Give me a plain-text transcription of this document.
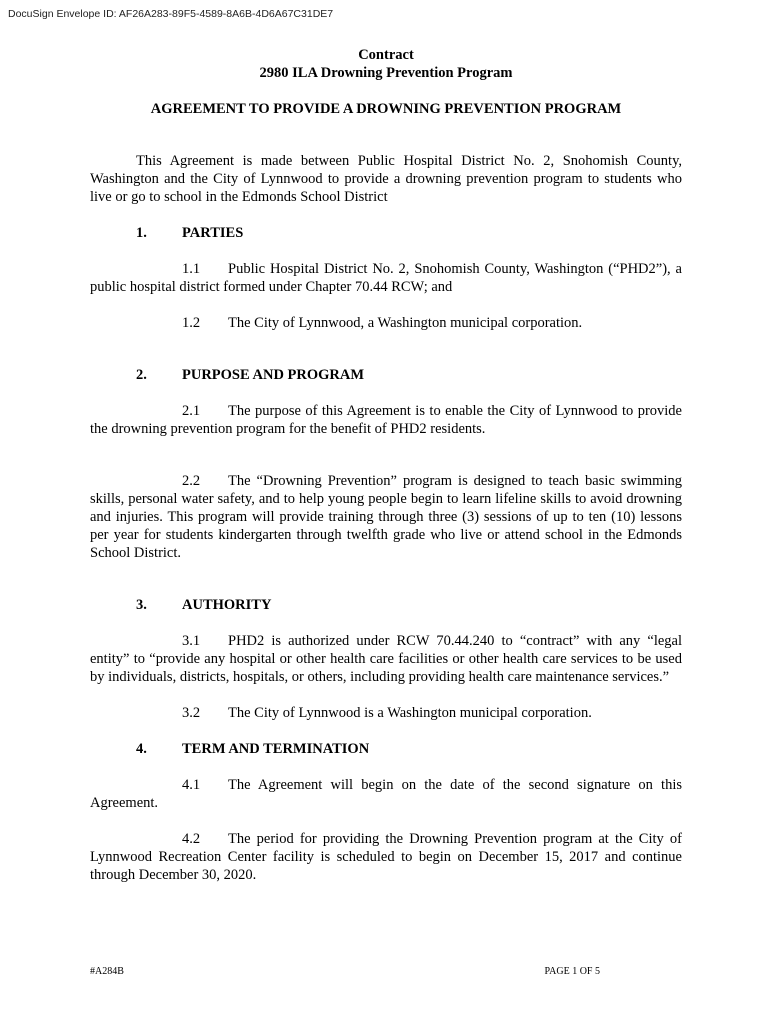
DocuSign Envelope ID: AF26A283-89F5-4589-8A6B-4D6A67C31DE7
Contract
2980 ILA Drowning Prevention Program
AGREEMENT TO PROVIDE A DROWNING PREVENTION PROGRAM

This Agreement is made between Public Hospital District No. 2, Snohomish County, Washington and the City of Lynnwood to provide a drowning prevention program to students who live or go to school in the Edmonds School District

1.	PARTIES

1.1 Public Hospital District No. 2, Snohomish County, Washington (“PHD2”), a public hospital district formed under Chapter 70.44 RCW; and

1.2 The City of Lynnwood, a Washington municipal corporation.

2.	PURPOSE AND PROGRAM

2.1 The purpose of this Agreement is to enable the City of Lynnwood to provide the drowning prevention program for the benefit of PHD2 residents.

2.2 The “Drowning Prevention” program is designed to teach basic swimming skills, personal water safety, and to help young people begin to learn lifeline skills to avoid drowning and injuries. This program will provide training through three (3) sessions of up to ten (10) lessons per year for students kindergarten through twelfth grade who live or attend school in the Edmonds School District.

3.	AUTHORITY

3.1 PHD2 is authorized under RCW 70.44.240 to “contract” with any “legal entity” to “provide any hospital or other health care facilities or other health care services to be used by individuals, districts, hospitals, or others, including providing health care maintenance services.”

3.2 The City of Lynnwood is a Washington municipal corporation.

4.	TERM AND TERMINATION

4.1 The Agreement will begin on the date of the second signature on this Agreement.

4.2 The period for providing the Drowning Prevention program at the City of Lynnwood Recreation Center facility is scheduled to begin on December 15, 2017 and continue through December 30, 2020.

#A284B	PAGE 1 OF 5
